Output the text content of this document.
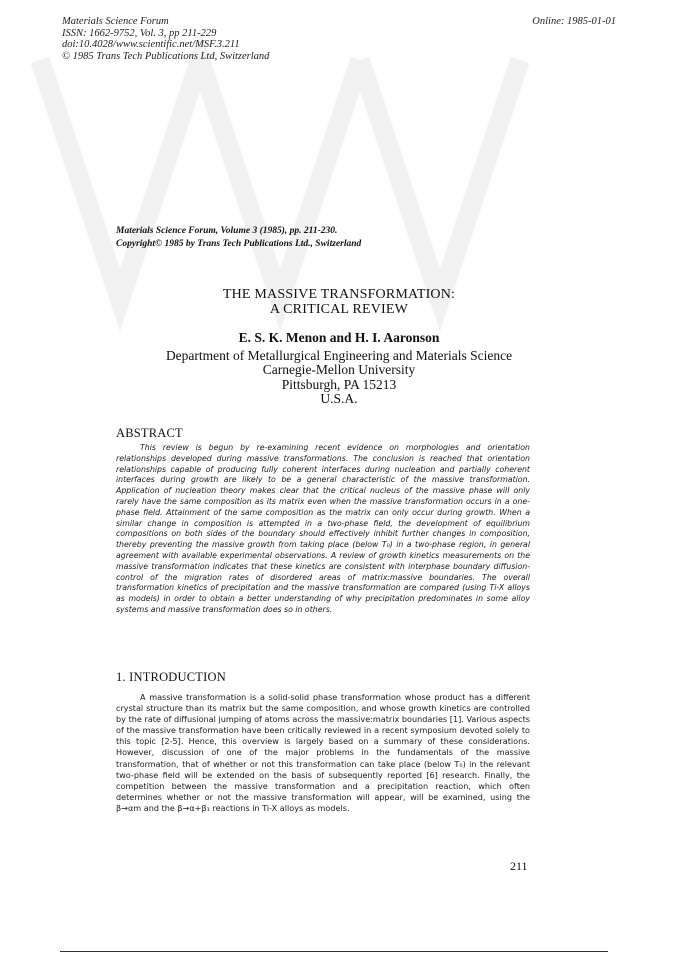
Materials Science Forum
ISSN: 1662-9752, Vol. 3, pp 211-229
doi:10.4028/www.scientific.net/MSF.3.211
© 1985 Trans Tech Publications Ltd, Switzerland
Online: 1985-01-01
Materials Science Forum, Volume 3 (1985), pp. 211-230.
Copyright© 1985 by Trans Tech Publications Ltd., Switzerland
THE MASSIVE TRANSFORMATION:
A CRITICAL REVIEW
E. S. K. Menon and H. I. Aaronson
Department of Metallurgical Engineering and Materials Science
Carnegie-Mellon University
Pittsburgh, PA 15213
U.S.A.
ABSTRACT
This review is begun by re-examining recent evidence on morphologies and orientation relationships developed during massive transformations. The conclusion is reached that orientation relationships capable of producing fully coherent interfaces during nucleation and partially coherent interfaces during growth are likely to be a general characteristic of the massive transformation. Application of nucleation theory makes clear that the critical nucleus of the massive phase will only rarely have the same composition as its matrix even when the massive transformation occurs in a one-phase field. Attainment of the same composition as the matrix can only occur during growth. When a similar change in composition is attempted in a two-phase field, the development of equilibrium compositions on both sides of the boundary should effectively inhibit further changes in composition, thereby preventing the massive growth from taking place (below T₀) in a two-phase region, in general agreement with available experimental observations. A review of growth kinetics measurements on the massive transformation indicates that these kinetics are consistent with interphase boundary diffusion-control of the migration rates of disordered areas of matrix:massive boundaries. The overall transformation kinetics of precipitation and the massive transformation are compared (using Ti-X alloys as models) in order to obtain a better understanding of why precipitation predominates in some alloy systems and massive transformation does so in others.
1. INTRODUCTION
A massive transformation is a solid-solid phase transformation whose product has a different crystal structure than its matrix but the same composition, and whose growth kinetics are controlled by the rate of diffusional jumping of atoms across the massive:matrix boundaries [1]. Various aspects of the massive transformation have been critically reviewed in a recent symposium devoted solely to this topic [2-5]. Hence, this overview is largely based on a summary of these considerations. However, discussion of one of the major problems in the fundamentals of the massive transformation, that of whether or not this transformation can take place (below T₀) in the relevant two-phase field will be extended on the basis of subsequently reported [6] research. Finally, the competition between the massive transformation and a precipitation reaction, which often determines whether or not the massive transformation will appear, will be examined, using the β→αm and the β→α+β₁ reactions in Ti-X alloys as models.
211
